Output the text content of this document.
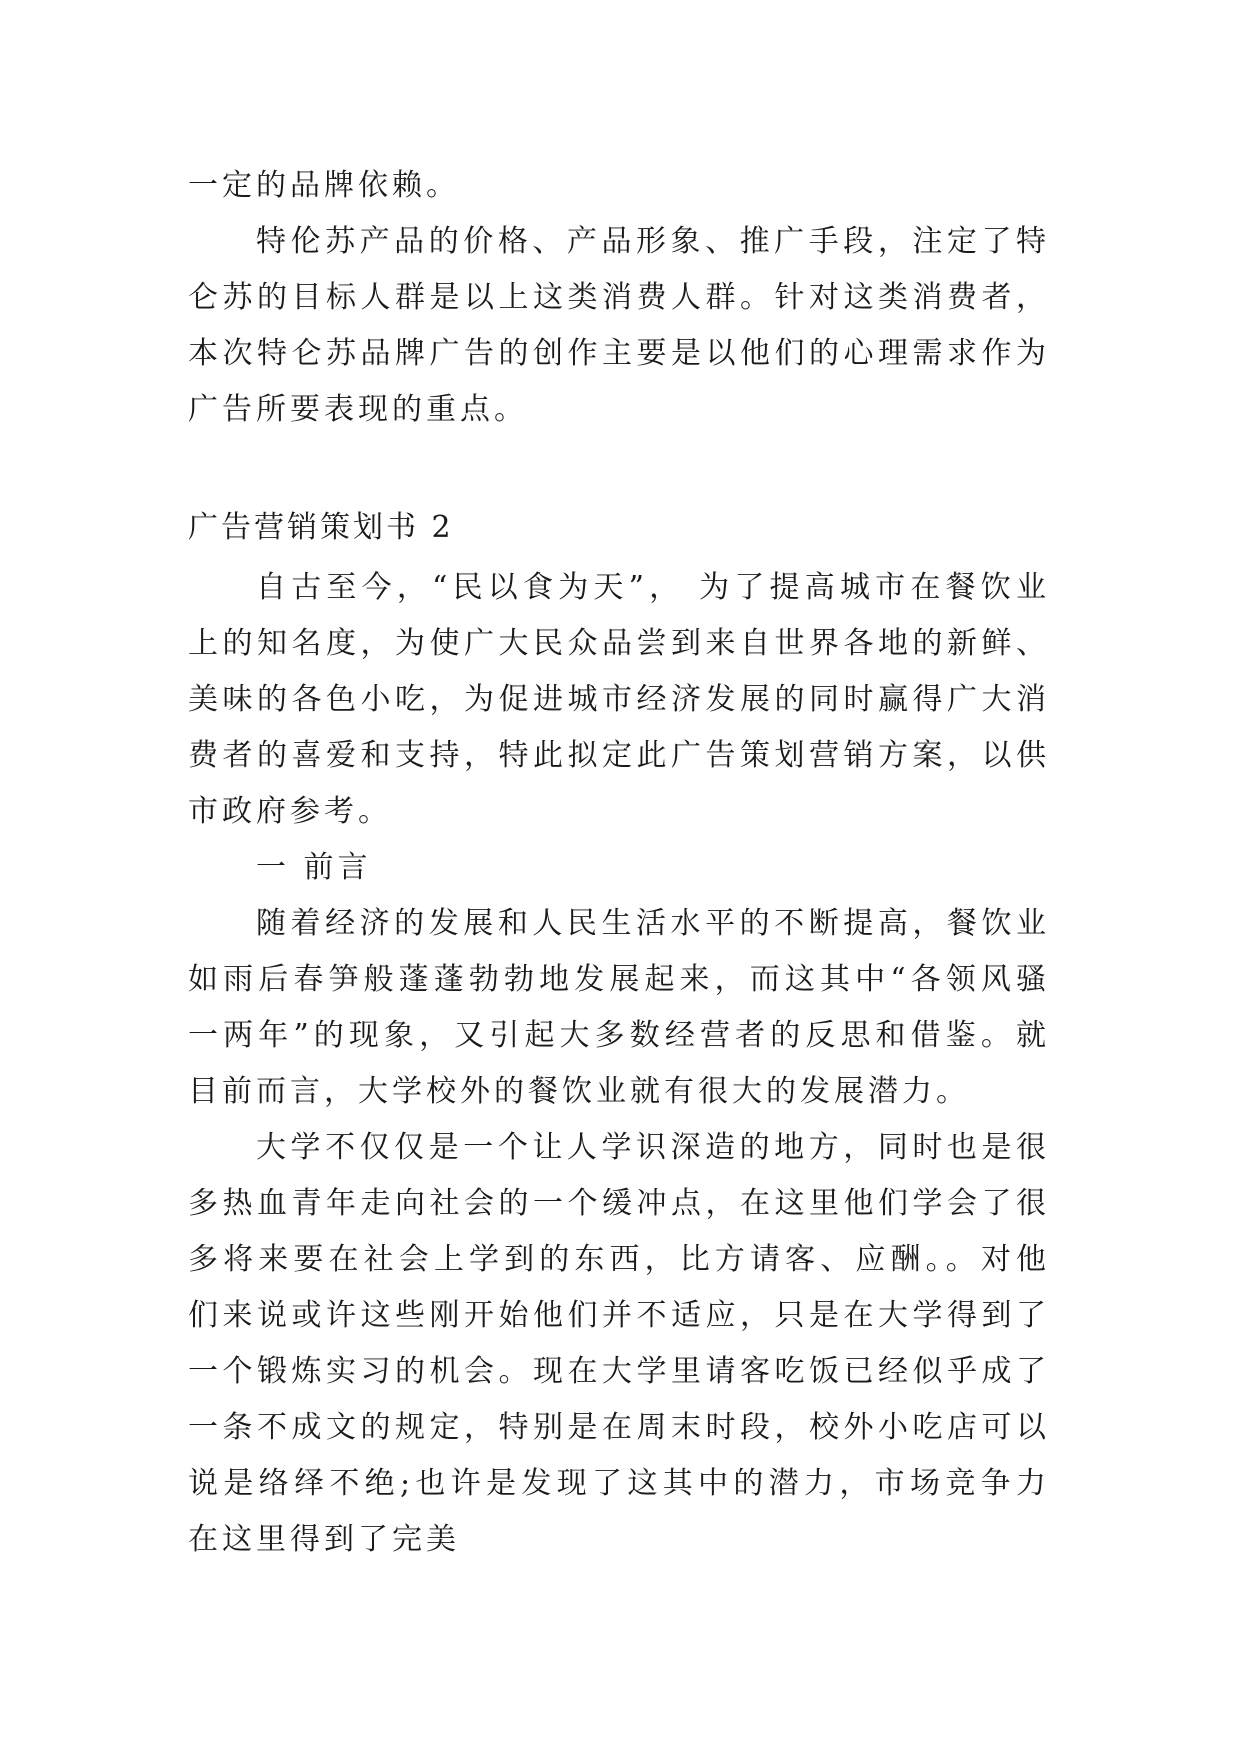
一定的品牌依赖。

特伦苏产品的价格、产品形象、推广手段，注定了特仑苏的目标人群是以上这类消费人群。针对这类消费者，本次特仑苏品牌广告的创作主要是以他们的心理需求作为广告所要表现的重点。

广告营销策划书 2

自古至今，“民以食为天”， 为了提高城市在餐饮业上的知名度，为使广大民众品尝到来自世界各地的新鲜、美味的各色小吃，为促进城市经济发展的同时赢得广大消费者的喜爱和支持，特此拟定此广告策划营销方案，以供市政府参考。

一 前言

随着经济的发展和人民生活水平的不断提高，餐饮业如雨后春笋般蓬蓬勃勃地发展起来，而这其中“各领风骚一两年”的现象，又引起大多数经营者的反思和借鉴。就目前而言，大学校外的餐饮业就有很大的发展潜力。

大学不仅仅是一个让人学识深造的地方，同时也是很多热血青年走向社会的一个缓冲点，在这里他们学会了很多将来要在社会上学到的东西，比方请客、应酬。。对他们来说或许这些刚开始他们并不适应，只是在大学得到了一个锻炼实习的机会。现在大学里请客吃饭已经似乎成了一条不成文的规定，特别是在周末时段，校外小吃店可以说是络绎不绝;也许是发现了这其中的潜力，市场竞争力在这里得到了完美
